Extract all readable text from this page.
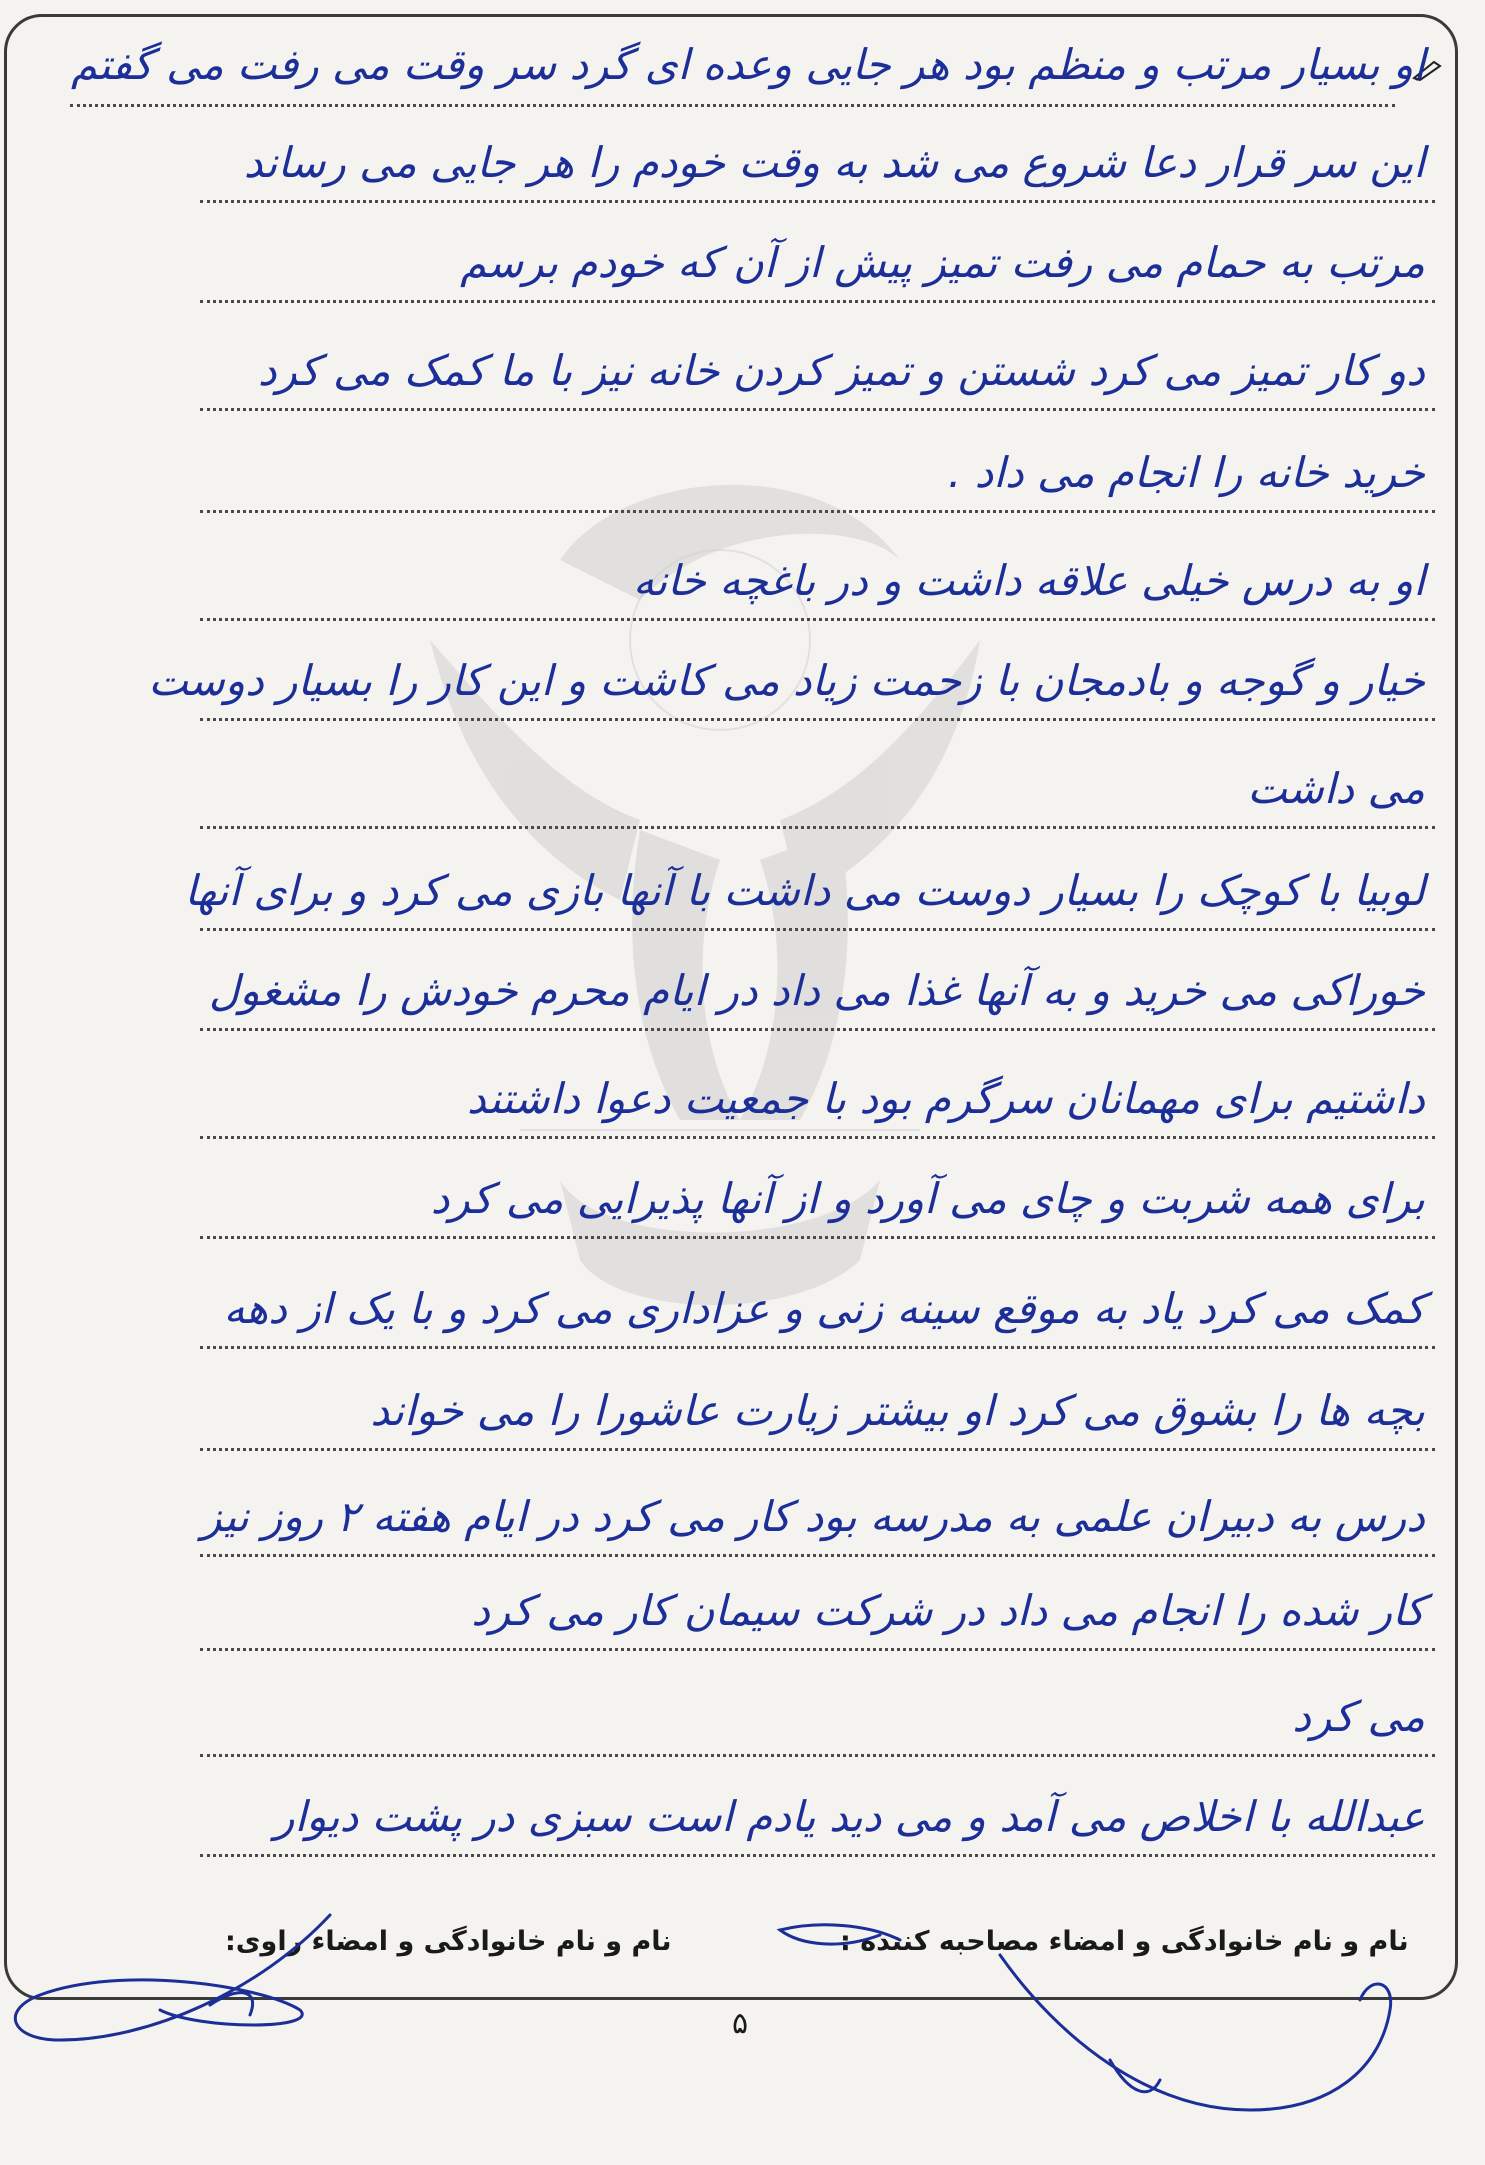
او بسیار مرتب و منظم بود هر جایی وعده ای گرد سر وقت می رفت می گفتم
این سر قرار دعا شروع می شد به وقت خودم را هر جایی می رساند
مرتب به حمام می رفت تمیز پیش از آن که خودم برسم
دو کار تمیز می کرد شستن و تمیز کردن خانه نیز با ما کمک می کرد
خرید خانه را انجام می داد .
او به درس خیلی علاقه داشت و در باغچه خانه
خیار و گوجه و بادمجان با زحمت زیاد می کاشت و این کار را بسیار دوست
می داشت
لوبیا با کوچک را بسیار دوست می داشت با آنها بازی می کرد و برای آنها
خوراکی می خرید و به آنها غذا می داد در ایام محرم خودش را مشغول
داشتیم برای مهمانان سرگرم بود با جمعیت دعوا داشتند
برای همه شربت و چای می آورد و از آنها پذیرایی می کرد
کمک می کرد یاد به موقع سینه زنی و عزاداری می کرد و با یک از دهه
بچه ها را بشوق می کرد او بیشتر زیارت عاشورا را می خواند
درس به دبیران علمی به مدرسه بود کار می کرد در ایام هفته ۲ روز نیز
کار شده را انجام می داد در شرکت سیمان کار می کرد
می کرد
عبدالله با اخلاص می آمد و می دید یادم است سبزی در پشت دیوار
نام و نام خانوادگی و امضاء مصاحبه کننده :
نام و نام خانوادگی و امضاء راوی:
۵
